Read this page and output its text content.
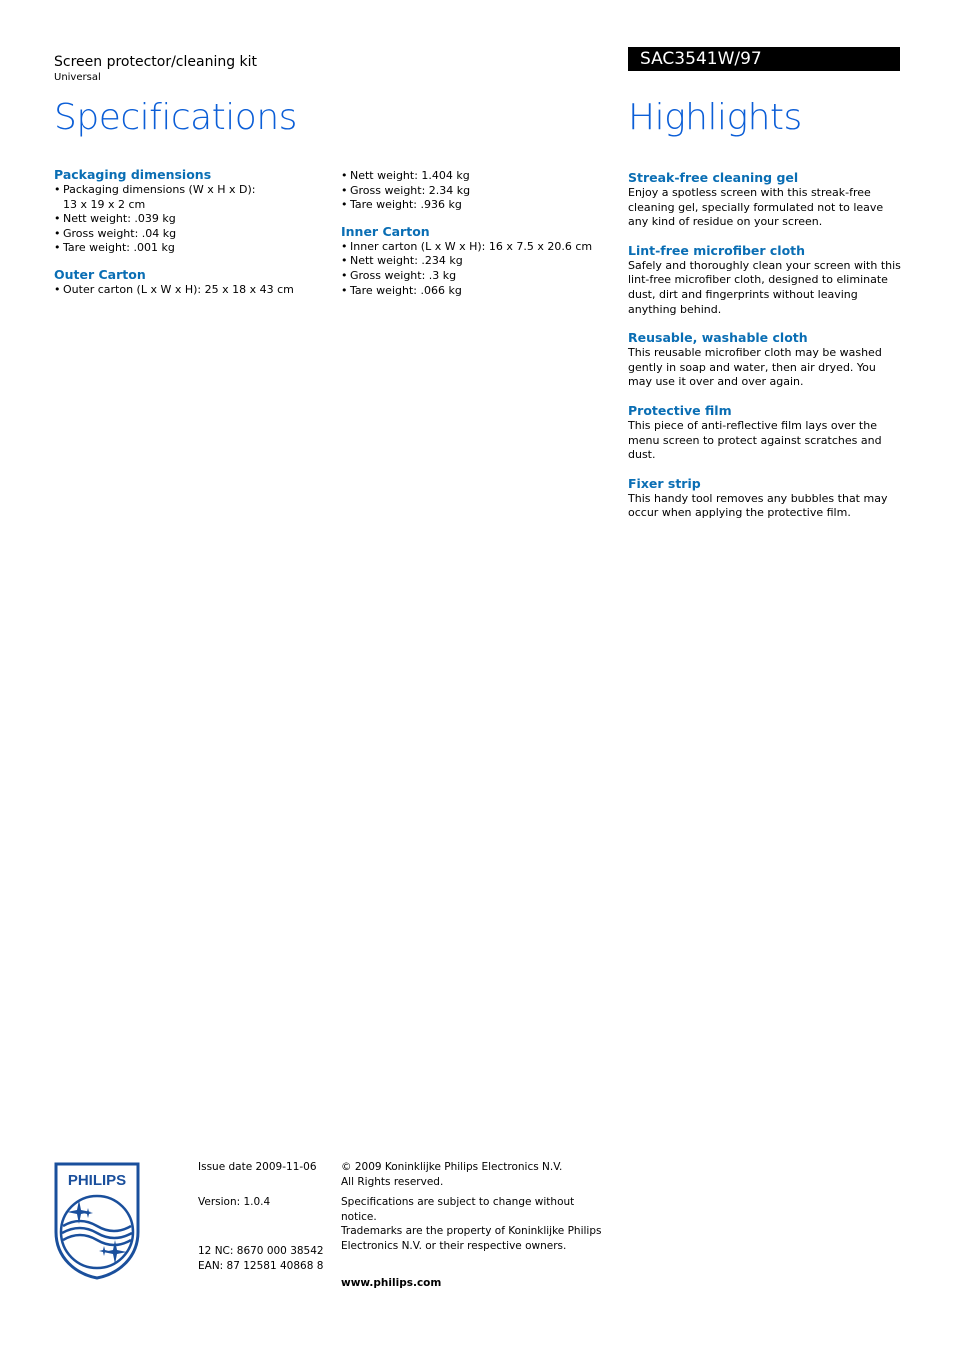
Screen protector/cleaning kit
Universal
SAC3541W/97
Specifications	Highlights
Packaging dimensions
• Packaging dimensions (W x H x D): 13 x 19 x 2 cm
• Nett weight: .039 kg
• Gross weight: .04 kg
• Tare weight: .001 kg
Outer Carton
• Outer carton (L x W x H): 25 x 18 x 43 cm
• Nett weight: 1.404 kg
• Gross weight: 2.34 kg
• Tare weight: .936 kg
Inner Carton
• Inner carton (L x W x H): 16 x 7.5 x 20.6 cm
• Nett weight: .234 kg
• Gross weight: .3 kg
• Tare weight: .066 kg
Streak-free cleaning gel
Enjoy a spotless screen with this streak-free cleaning gel, specially formulated not to leave any kind of residue on your screen.
Lint-free microfiber cloth
Safely and thoroughly clean your screen with this lint-free microfiber cloth, designed to eliminate dust, dirt and fingerprints without leaving anything behind.
Reusable, washable cloth
This reusable microfiber cloth may be washed gently in soap and water, then air dryed. You may use it over and over again.
Protective film
This piece of anti-reflective film lays over the menu screen to protect against scratches and dust.
Fixer strip
This handy tool removes any bubbles that may occur when applying the protective film.
PHILIPS
Issue date 2009-11-06
Version: 1.0.4
12 NC: 8670 000 38542
EAN: 87 12581 40868 8
© 2009 Koninklijke Philips Electronics N.V.
All Rights reserved.
Specifications are subject to change without notice.
Trademarks are the property of Koninklijke Philips
Electronics N.V. or their respective owners.
www.philips.com
